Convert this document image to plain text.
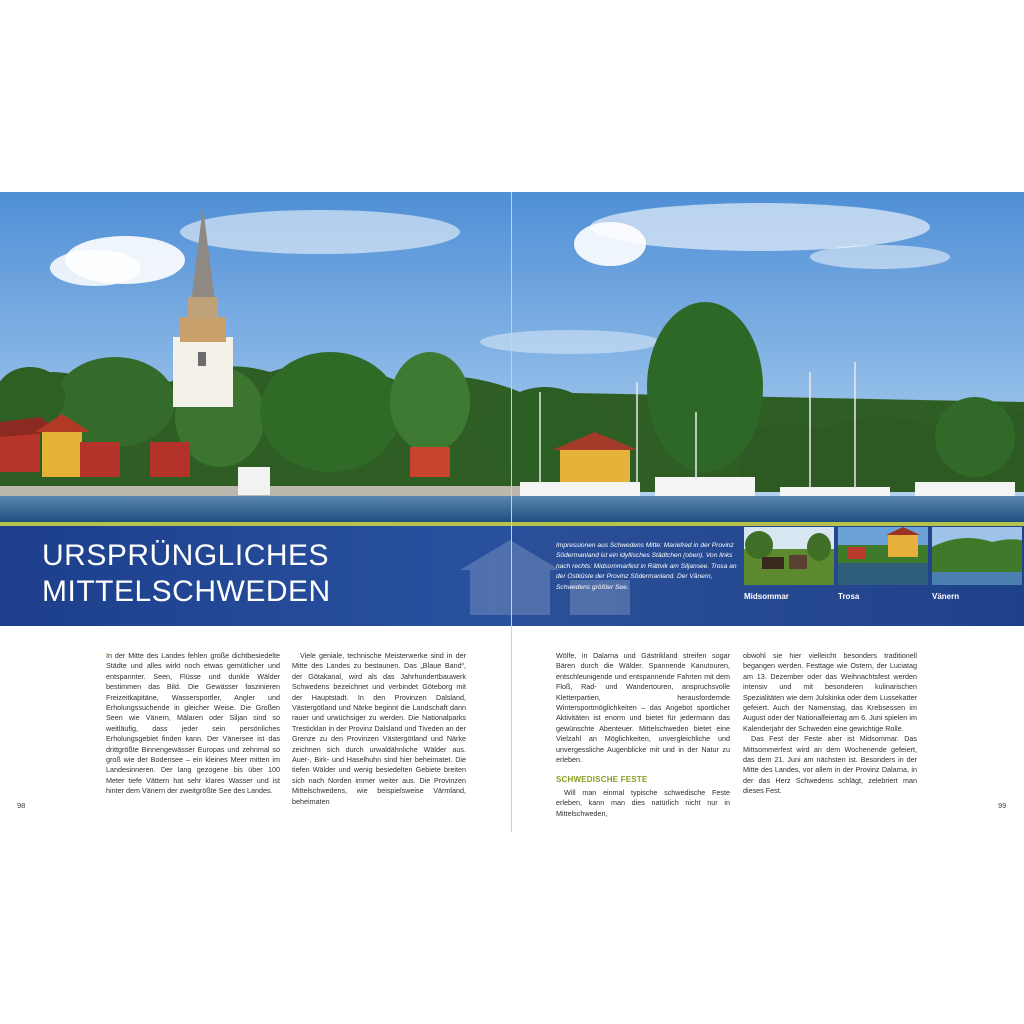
URSPRÜNGLICHES
MITTELSCHWEDEN
Impressionen aus Schwedens Mitte: Mariefred in der Provinz Södermanland ist ein idyllisches Städtchen (oben). Von links nach rechts: Midsommarfest in Rättvik am Siljansee. Trosa an der Ostküste der Provinz Södermanland. Der Vänern, Schwedens größter See.
Midsommar	Trosa	Vänern

In der Mitte des Landes fehlen große dichtbesiedelte Städte und alles wirkt noch etwas gemütlicher und entspannter. Seen, Flüsse und dunkle Wälder bestimmen das Bild. Die Gewässer faszinieren Freizeitkapitäne, Wassersportler, Angler und Erholungssuchende in gleicher Weise. Die Großen Seen wie Vänern, Mälaren oder Siljan sind so weitläufig, dass jeder sein persönliches Erholungsgebiet finden kann. Der Vänersee ist das drittgrößte Binnengewässer Europas und zehnmal so groß wie der Bodensee – ein kleines Meer mitten im Landesinneren. Der lang gezogene bis über 100 Meter tiefe Vättern hat sehr klares Wasser und ist hinter dem Vänern der zweitgrößte See des Landes.

Viele geniale, technische Meisterwerke sind in der Mitte des Landes zu bestaunen. Das „Blaue Band“, der Götakanal, wird als das Jahrhundertbauwerk Schwedens bezeichnet und verbindet Göteborg mit der Hauptstadt. In den Provinzen Dalsland, Västergötland und Närke beginnt die Landschaft dann rauer und urwüchsiger zu werden. Die Nationalparks Tresticklan in der Provinz Dalsland und Tiveden an der Grenze zu den Provinzen Västergötland und Närke zeichnen sich durch urwaldähnliche Wälder aus. Auer-, Birk- und Haselhuhn sind hier beheimatet. Die tiefen Wälder und wenig besiedelten Gebiete breiten sich nach Norden immer weiter aus. Die Provinzen Mittelschwedens, wie beispielsweise Värmland, beheimaten

Wölfe, in Dalarna und Gästrikland streifen sogar Bären durch die Wälder. Spannende Kanutouren, entschleunigende und entspannende Fahrten mit dem Floß, Rad- und Wandertouren, anspruchsvolle Kletterpartien, herausfordernde Wintersportmöglichkeiten – das Angebot sportlicher Aktivitäten ist enorm und bietet für jedermann das gewünschte Abenteuer. Mittelschweden bietet eine Vielzahl an Möglichkeiten, unvergleichliche und unvergessliche Augenblicke mit und in der Natur zu erleben.

SCHWEDISCHE FESTE

Will man einmal typische schwedische Feste erleben, kann man dies natürlich nicht nur in Mittelschweden,

obwohl sie hier vielleicht besonders traditionell begangen werden. Festtage wie Ostern, der Luciatag am 13. Dezember oder das Weihnachtsfest werden intensiv und mit besonderen kulinarischen Spezialitäten wie dem Julskinka oder dem Lussekatter gefeiert. Auch der Namenstag, das Krebsessen im August oder der Nationalfeiertag am 6. Juni spielen im Kalenderjahr der Schweden eine gewichtige Rolle.

Das Fest der Feste aber ist Midsommar. Das Mittsommerfest wird an dem Wochenende gefeiert, das dem 21. Juni am nächsten ist. Besonders in der Mitte des Landes, vor allem in der Provinz Dalarna, in der das Herz Schwedens schlägt, zelebriert man dieses Fest.

98	99
